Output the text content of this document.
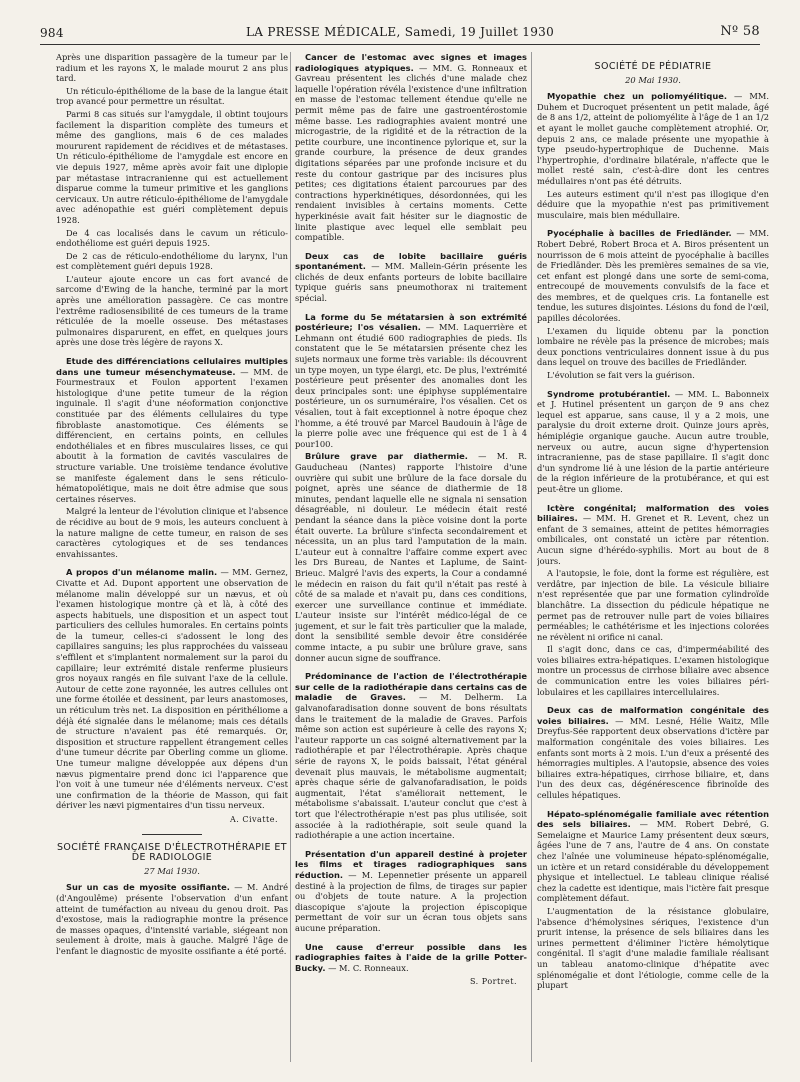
984	LA PRESSE MÉDICALE, Samedi, 19 Juillet 1930	Nº 58

Après une disparition passagère de la tumeur par le radium et les rayons X, le malade mourut 2 ans plus tard.

Un réticulo-épithéliome de la base de la langue était trop avancé pour permettre un résultat.

Parmi 8 cas situés sur l'amygdale, il obtint toujours facilement la disparition complète des tumeurs et même des ganglions, mais 6 de ces malades moururent rapidement de récidives et de métastases. Un réticulo-épithéliome de l'amygdale est encore en vie depuis 1927, même après avoir fait une diplopie par métastase intracranienne qui est actuellement disparue comme la tumeur primitive et les ganglions cervicaux. Un autre réticulo-épithéliome de l'amygdale avec adénopathie est guéri complètement depuis 1928.

De 4 cas localisés dans le cavum un réticulo-endothéliome est guéri depuis 1925.

De 2 cas de réticulo-endothéliome du larynx, l'un est complètement guéri depuis 1928.

L'auteur ajoute encore un cas fort avancé de sarcome d'Ewing de la hanche, terminé par la mort après une amélioration passagère. Ce cas montre l'extrême radiosensibilité de ces tumeurs de la trame réticulée de la moelle osseuse. Des métastases pulmonaires disparurent, en effet, en quelques jours après une dose très légère de rayons X.

Etude des différenciations cellulaires multiples dans une tumeur mésenchymateuse. — MM. de Fourmestraux et Foulon apportent l'examen histologique d'une petite tumeur de la région inguinale. Il s'agit d'une néoformation conjonctive constituée par des éléments cellulaires du type fibroblaste anastomotique. Ces éléments se différencient, en certains points, en cellules endothéliales et en fibres musculaires lisses, ce qui aboutit à la formation de cavités vasculaires de structure variable. Une troisième tendance évolutive se manifeste également dans le sens réticulo-hématopoïétique, mais ne doit être admise que sous certaines réserves.

Malgré la lenteur de l'évolution clinique et l'absence de récidive au bout de 9 mois, les auteurs concluent à la nature maligne de cette tumeur, en raison de ses caractères cytologiques et de ses tendances envahissantes.

A propos d'un mélanome malin. — MM. Gernez, Civatte et Ad. Dupont apportent une observation de mélanome malin développé sur un nævus, et où l'examen histologique montre çà et là, à côté des aspects habituels, une disposition et un aspect tout particuliers des cellules humorales. En certains points de la tumeur, celles-ci s'adossent le long des capillaires sanguins; les plus rapprochées du vaisseau s'effilent et s'implantent normalement sur la paroi du capillaire; leur extrémité distale renferme plusieurs gros noyaux rangés en file suivant l'axe de la cellule. Autour de cette zone rayonnée, les autres cellules ont une forme étoilée et dessinent, par leurs anastomoses, un réticulum très net. La disposition en périthéliome a déjà été signalée dans le mélanome; mais ces détails de structure n'avaient pas été remarqués. Or, disposition et structure rappellent étrangement celles d'une tumeur décrite par Oberling comme un gliome. Une tumeur maligne développée aux dépens d'un nævus pigmentaire prend donc ici l'apparence que l'on voit à une tumeur née d'éléments nerveux. C'est une confirmation de la théorie de Masson, qui fait dériver les nævi pigmentaires d'un tissu nerveux.

A. Civatte.
SOCIÉTÉ FRANÇAISE D'ÉLECTROTHÉRAPIE ET DE RADIOLOGIE
27 Mai 1930.

Sur un cas de myosite ossifiante. — M. André (d'Angoulême) présente l'observation d'un enfant atteint de tuméfaction au niveau du genou droit. Pas d'exostose, mais la radiographie montre la présence de masses opaques, d'intensité variable, siégeant non seulement à droite, mais à gauche. Malgré l'âge de l'enfant le diagnostic de myosite ossifiante a été porté.

Cancer de l'estomac avec signes et images radiologiques atypiques. — MM. G. Ronneaux et Gavreau présentent les clichés d'une malade chez laquelle l'opération révéla l'existence d'une infiltration en masse de l'estomac tellement étendue qu'elle ne permit même pas de faire une gastroentérostomie même basse. Les radiographies avaient montré une microgastrie, de la rigidité et de la rétraction de la petite courbure, une incontinence pylorique et, sur la grande courbure, la présence de deux grandes digitations séparées par une profonde incisure et du reste du contour gastrique par des incisures plus petites; ces digitations étaient parcourues par des contractions hyperkinétiques, désordonnées, qui les rendaient invisibles à certains moments. Cette hyperkinésie avait fait hésiter sur le diagnostic de linite plastique avec lequel elle semblait peu compatible.

Deux cas de lobite bacillaire guéris spontanément. — MM. Mallein-Gérin présente les clichés de deux enfants porteurs de lobite bacillaire typique guéris sans pneumothorax ni traitement spécial.

La forme du 5e métatarsien à son extrémité postérieure; l'os vésalien. — MM. Laquerrière et Lehmann ont étudié 600 radiographies de pieds. Ils constatent que le 5e métatarsien présente chez les sujets normaux une forme très variable: ils découvrent un type moyen, un type élargi, etc. De plus, l'extrémité postérieure peut présenter des anomalies dont les deux principales sont: une épiphyse supplémentaire postérieure, un os surnuméraire, l'os vésalien. Cet os vésalien, tout à fait exceptionnel à notre époque chez l'homme, a été trouvé par Marcel Baudouin à l'âge de la pierre polie avec une fréquence qui est de 1 à 4 pour100.

Brûlure grave par diathermie. — M. R. Gauducheau (Nantes) rapporte l'histoire d'une ouvrière qui subit une brûlure de la face dorsale du poignet, après une séance de diathermie de 18 minutes, pendant laquelle elle ne signala ni sensation désagréable, ni douleur. Le médecin était resté pendant la séance dans la pièce voisine dont la porte était ouverte. La brûlure s'infecta secondairement et nécessita, un an plus tard l'amputation de la main. L'auteur eut à connaître l'affaire comme expert avec les Drs Bureau, de Nantes et Laplume, de Saint-Brieuc. Malgré l'avis des experts, la Cour a condamné le médecin en raison du fait qu'il n'était pas resté à côté de sa malade et n'avait pu, dans ces conditions, exercer une surveillance continue et immédiate. L'auteur insiste sur l'intérêt médico-légal de ce jugement, et sur le fait très particulier que la malade, dont la sensibilité semble devoir être considérée comme intacte, a pu subir une brûlure grave, sans donner aucun signe de souffrance.

Prédominance de l'action de l'électrothérapie sur celle de la radiothérapie dans certains cas de maladie de Graves. — M. Delherm. La galvanofaradisation donne souvent de bons résultats dans le traitement de la maladie de Graves. Parfois même son action est supérieure à celle des rayons X; l'auteur rapporte un cas soigné alternativement par la radiothérapie et par l'électrothérapie. Après chaque série de rayons X, le poids baissait, l'état général devenait plus mauvais, le métabolisme augmentait; après chaque série de galvanofaradisation, le poids augmentait, l'état s'améliorait nettement, le métabolisme s'abaissait. L'auteur conclut que c'est à tort que l'électrothérapie n'est pas plus utilisée, soit associée à la radiothérapie, soit seule quand la radiothérapie a une action incertaine.

Présentation d'un appareil destiné à projeter les films et tirages radiographiques sans réduction. — M. Lepennetier présente un appareil destiné à la projection de films, de tirages sur papier ou d'objets de toute nature. A la projection diascopique s'ajoute la projection épiscopique permettant de voir sur un écran tous objets sans aucune préparation.

Une cause d'erreur possible dans les radiographies faites à l'aide de la grille Potter-Bucky. — M. C. Ronneaux.

S. Portret.
SOCIÉTÉ DE PÉDIATRIE
20 Mai 1930.

Myopathie chez un poliomyélitique. — MM. Duhem et Ducroquet présentent un petit malade, âgé de 8 ans 1/2, atteint de poliomyélite à l'âge de 1 an 1/2 et ayant le mollet gauche complètement atrophié. Or, depuis 2 ans, ce malade présente une myopathie à type pseudo-hypertrophique de Duchenne. Mais l'hypertrophie, d'ordinaire bilatérale, n'affecte que le mollet resté sain, c'est-à-dire dont les centres médullaires n'ont pas été détruits.

Les auteurs estiment qu'il n'est pas illogique d'en déduire que la myopathie n'est pas primitivement musculaire, mais bien médullaire.

Pyocéphalie à bacilles de Friedländer. — MM. Robert Debré, Robert Broca et A. Biros présentent un nourrisson de 6 mois atteint de pyocéphalie à bacilles de Friedländer. Dès les premières semaines de sa vie, cet enfant est plongé dans une sorte de semi-coma, entrecoupé de mouvements convulsifs de la face et des membres, et de quelques cris. La fontanelle est tendue, les sutures disjointes. Lésions du fond de l'œil, papilles décolorées.

L'examen du liquide obtenu par la ponction lombaire ne révèle pas la présence de microbes; mais deux ponctions ventriculaires donnent issue à du pus dans lequel on trouve des bacilles de Friedländer.

L'évolution se fait vers la guérison.

Syndrome protubérantiel. — MM. L. Babonneix et J. Hutinel présentent un garçon de 9 ans chez lequel est apparue, sans cause, il y a 2 mois, une paralysie du droit externe droit. Quinze jours après, hémiplégie organique gauche. Aucun autre trouble, nerveux ou autre, aucun signe d'hypertension intracranienne, pas de stase papillaire. Il s'agit donc d'un syndrome lié à une lésion de la partie antérieure de la région inférieure de la protubérance, et qui est peut-être un gliome.

Ictère congénital; malformation des voies biliaires. — MM. H. Grenet et R. Levent, chez un enfant de 3 semaines, atteint de petites hémorragies ombilicales, ont constaté un ictère par rétention. Aucun signe d'hérédo-syphilis. Mort au bout de 8 jours.

A l'autopsie, le foie, dont la forme est régulière, est verdâtre, par injection de bile. La vésicule biliaire n'est représentée que par une formation cylindroïde blanchâtre. La dissection du pédicule hépatique ne permet pas de retrouver nulle part de voies biliaires perméables; le cathétérisme et les injections colorées ne révèlent ni orifice ni canal.

Il s'agit donc, dans ce cas, d'imperméabilité des voies biliaires extra-hépatiques. L'examen histologique montre un processus de cirrhose biliaire avec absence de communication entre les voies biliaires péri-lobulaires et les capillaires intercellulaires.

Deux cas de malformation congénitale des voies biliaires. — MM. Lesné, Hélie Waitz, Mlle Dreyfus-Sée rapportent deux observations d'ictère par malformation congénitale des voies biliaires. Les enfants sont morts à 2 mois. L'un d'eux a présenté des hémorragies multiples. A l'autopsie, absence des voies biliaires extra-hépatiques, cirrhose biliaire, et, dans l'un des deux cas, dégénérescence fibrinoïde des cellules hépatiques.

Hépato-splénomégalie familiale avec rétention des sels biliaires. — MM. Robert Debré, G. Semelaigne et Maurice Lamy présentent deux sœurs, âgées l'une de 7 ans, l'autre de 4 ans. On constate chez l'aînée une volumineuse hépato-splénomégalie, un ictère et un retard considérable du développement physique et intellectuel. Le tableau clinique réalisé chez la cadette est identique, mais l'ictère fait presque complètement défaut.

L'augmentation de la résistance globulaire, l'absence d'hémolysines sériques, l'existence d'un prurit intense, la présence de sels biliaires dans les urines permettent d'éliminer l'ictère hémolytique congénital. Il s'agit d'une maladie familiale réalisant un tableau anatomo-clinique d'hépatite avec splénomégalie et dont l'étiologie, comme celle de la plupart
